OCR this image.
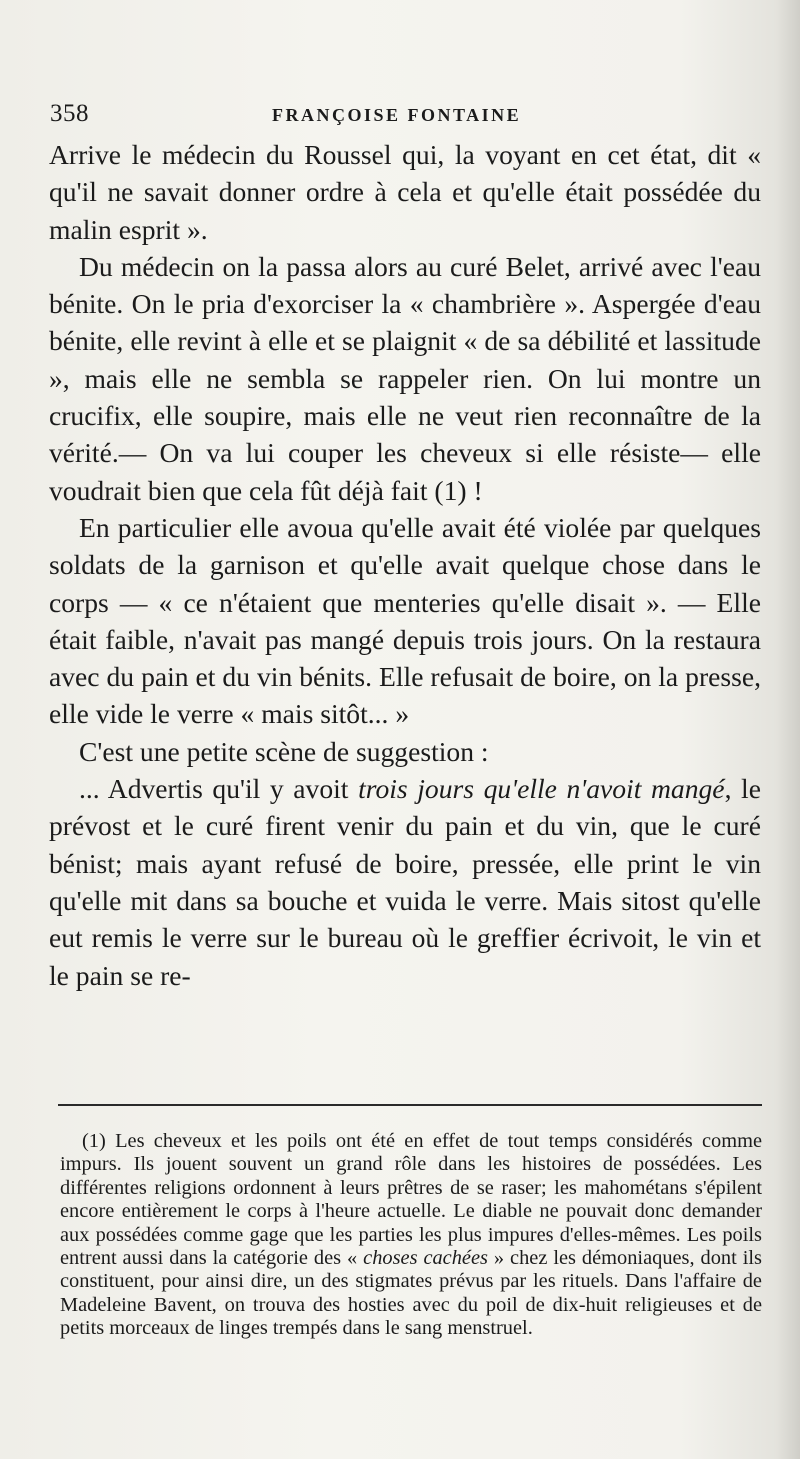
358	FRANÇOISE FONTAINE

Arrive le médecin du Roussel qui, la voyant en cet état, dit « qu'il ne savait donner ordre à cela et qu'elle était possédée du malin esprit ».

Du médecin on la passa alors au curé Belet, arrivé avec l'eau bénite. On le pria d'exorciser la « chambrière ». Aspergée d'eau bénite, elle revint à elle et se plaignit « de sa débilité et lassitude », mais elle ne sembla se rappeler rien. On lui montre un crucifix, elle soupire, mais elle ne veut rien reconnaître de la vérité.— On va lui couper les cheveux si elle résiste— elle voudrait bien que cela fût déjà fait (1) !

En particulier elle avoua qu'elle avait été violée par quelques soldats de la garnison et qu'elle avait quelque chose dans le corps — « ce n'étaient que menteries qu'elle disait ». — Elle était faible, n'avait pas mangé depuis trois jours. On la restaura avec du pain et du vin bénits. Elle refusait de boire, on la presse, elle vide le verre « mais sitôt... »

C'est une petite scène de suggestion :

... Advertis qu'il y avoit trois jours qu'elle n'avoit mangé, le prévost et le curé firent venir du pain et du vin, que le curé bénist; mais ayant refusé de boire, pressée, elle print le vin qu'elle mit dans sa bouche et vuida le verre. Mais sitost qu'elle eut remis le verre sur le bureau où le greffier écrivoit, le vin et le pain se re-

(1) Les cheveux et les poils ont été en effet de tout temps considérés comme impurs. Ils jouent souvent un grand rôle dans les histoires de possédées. Les différentes religions ordonnent à leurs prêtres de se raser; les mahométans s'épilent encore entièrement le corps à l'heure actuelle. Le diable ne pouvait donc demander aux possédées comme gage que les parties les plus impures d'elles-mêmes. Les poils entrent aussi dans la catégorie des « choses cachées » chez les démoniaques, dont ils constituent, pour ainsi dire, un des stigmates prévus par les rituels. Dans l'affaire de Madeleine Bavent, on trouva des hosties avec du poil de dix-huit religieuses et de petits morceaux de linges trempés dans le sang menstruel.
